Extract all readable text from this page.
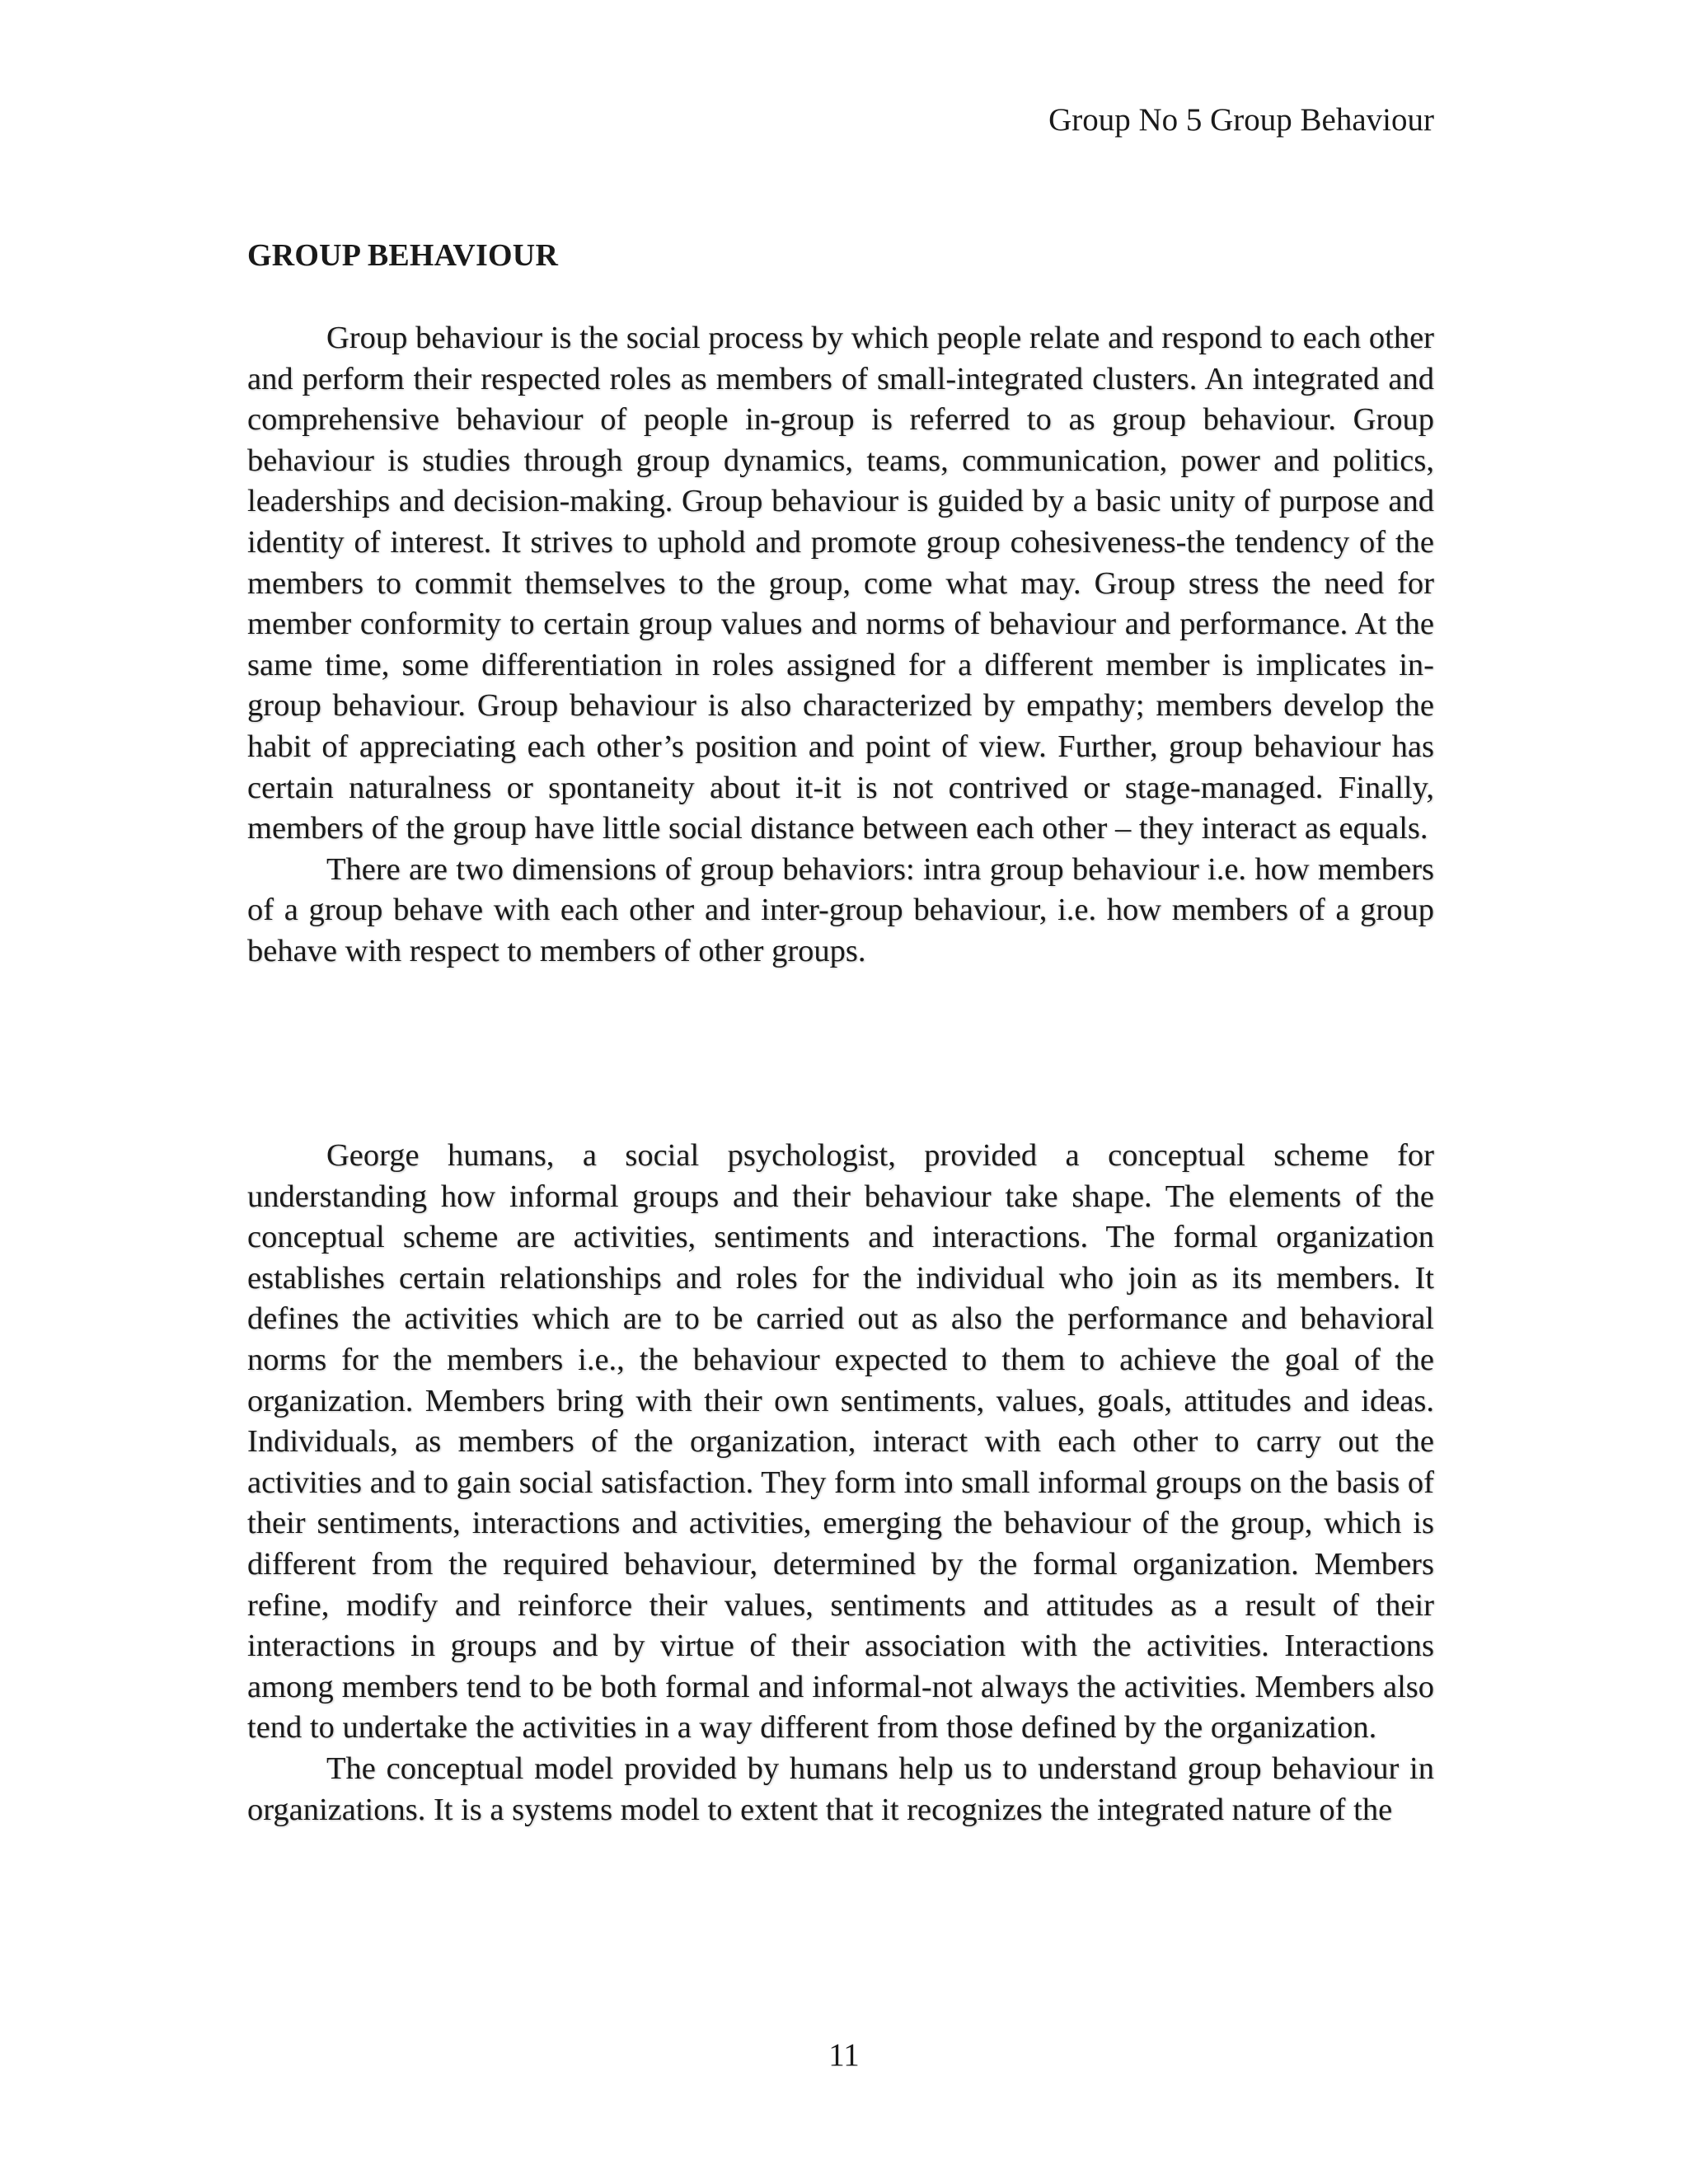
Group No 5 Group Behaviour
GROUP BEHAVIOUR

Group behaviour is the social process by which people relate and respond to each other and perform their respected roles as members of small-integrated clusters. An integrated and comprehensive behaviour of people in-group is referred to as group behaviour. Group behaviour is studies through group dynamics, teams, communication, power and politics, leaderships and decision-making. Group behaviour is guided by a basic unity of purpose and identity of interest. It strives to uphold and promote group cohesiveness-the tendency of the members to commit themselves to the group, come what may. Group stress the need for member conformity to certain group values and norms of behaviour and performance. At the same time, some differentiation in roles assigned for a different member is implicates in-group behaviour. Group behaviour is also characterized by empathy; members develop the habit of appreciating each other’s position and point of view. Further, group behaviour has certain naturalness or spontaneity about it-it is not contrived or stage-managed. Finally, members of the group have little social distance between each other – they interact as equals.

There are two dimensions of group behaviors: intra group behaviour i.e. how members of a group behave with each other and inter-group behaviour, i.e. how members of a group behave with respect to members of other groups.

George humans, a social psychologist, provided a conceptual scheme for understanding how informal groups and their behaviour take shape. The elements of the conceptual scheme are activities, sentiments and interactions. The formal organization establishes certain relationships and roles for the individual who join as its members. It defines the activities which are to be carried out as also the performance and behavioral norms for the members i.e., the behaviour expected to them to achieve the goal of the organization. Members bring with their own sentiments, values, goals, attitudes and ideas. Individuals, as members of the organization, interact with each other to carry out the activities and to gain social satisfaction. They form into small informal groups on the basis of their sentiments, interactions and activities, emerging the behaviour of the group, which is different from the required behaviour, determined by the formal organization. Members refine, modify and reinforce their values, sentiments and attitudes as a result of their interactions in groups and by virtue of their association with the activities. Interactions among members tend to be both formal and informal-not always the activities. Members also tend to undertake the activities in a way different from those defined by the organization.

The conceptual model provided by humans help us to understand group behaviour in organizations. It is a systems model to extent that it recognizes the integrated nature of the

11
